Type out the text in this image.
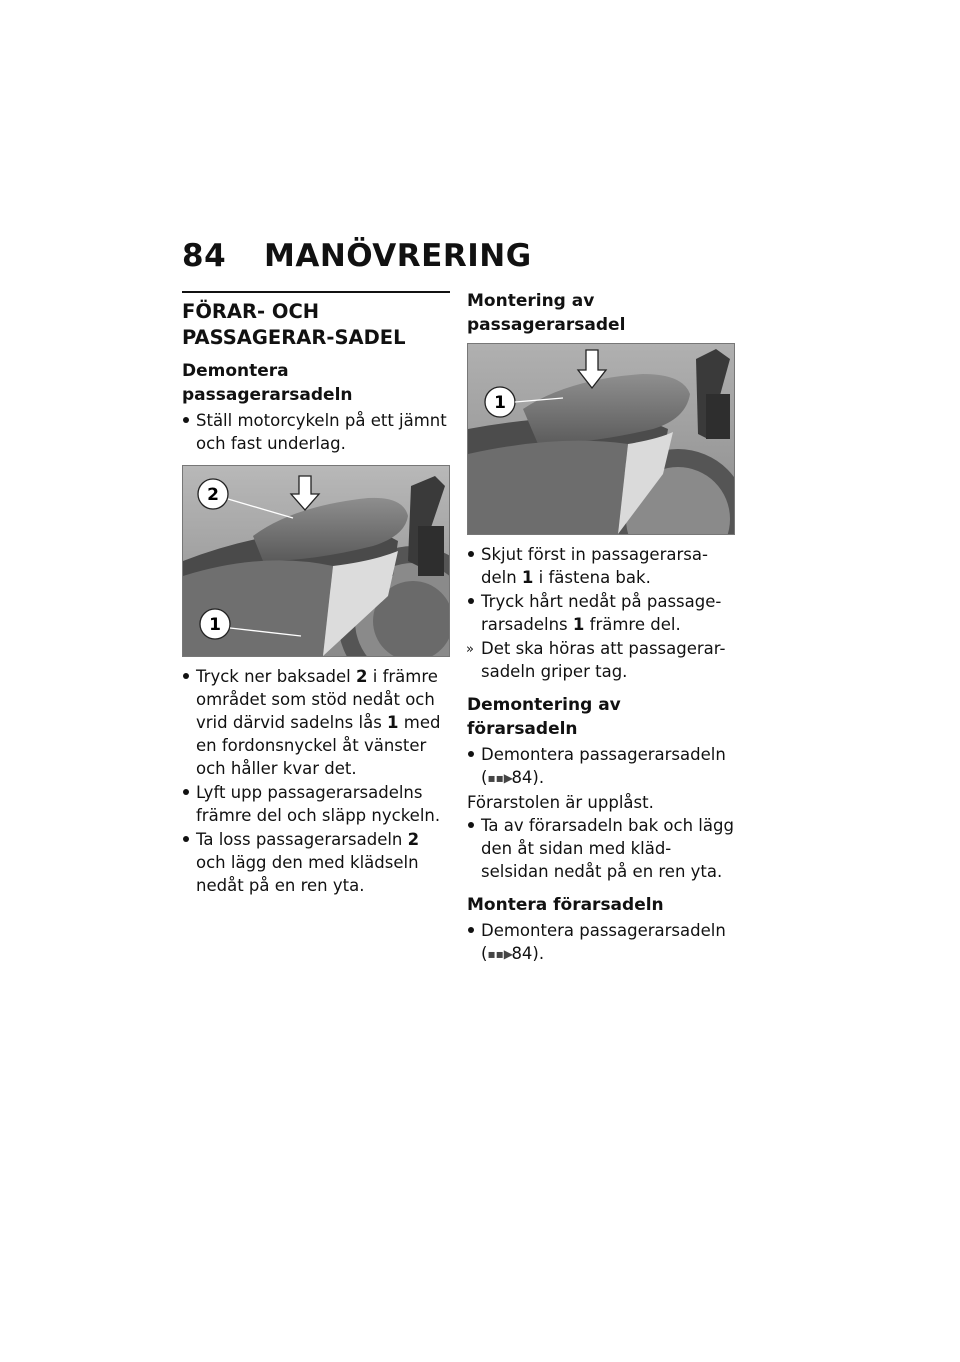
84 MANÖVRERING
FÖRAR- OCH PASSAGERAR-SADEL
Demontera passagerarsadeln
Ställ motorcykeln på ett jämnt och fast underlag.
2
1
Tryck ner baksadel 2 i främre området som stöd nedåt och vrid därvid sadelns lås 1 med en fordonsnyckel åt vänster och håller kvar det.
Lyft upp passagerarsadelns främre del och släpp nyckeln.
Ta loss passagerarsadeln 2 och lägg den med klädseln nedåt på en ren yta.
Montering av passagerarsadel
1
Skjut först in passagerarsa-deln 1 i fästena bak.
Tryck hårt nedåt på passage-rarsadelns 1 främre del.
» Det ska höras att passagerar-sadeln griper tag.
Demontering av förarsadeln
Demontera passagerarsadeln
(▪▪▶84).
Förarstolen är upplåst.
Ta av förarsadeln bak och lägg den åt sidan med kläd-selsidan nedåt på en ren yta.
Montera förarsadeln
Demontera passagerarsadeln
(▪▪▶84).
